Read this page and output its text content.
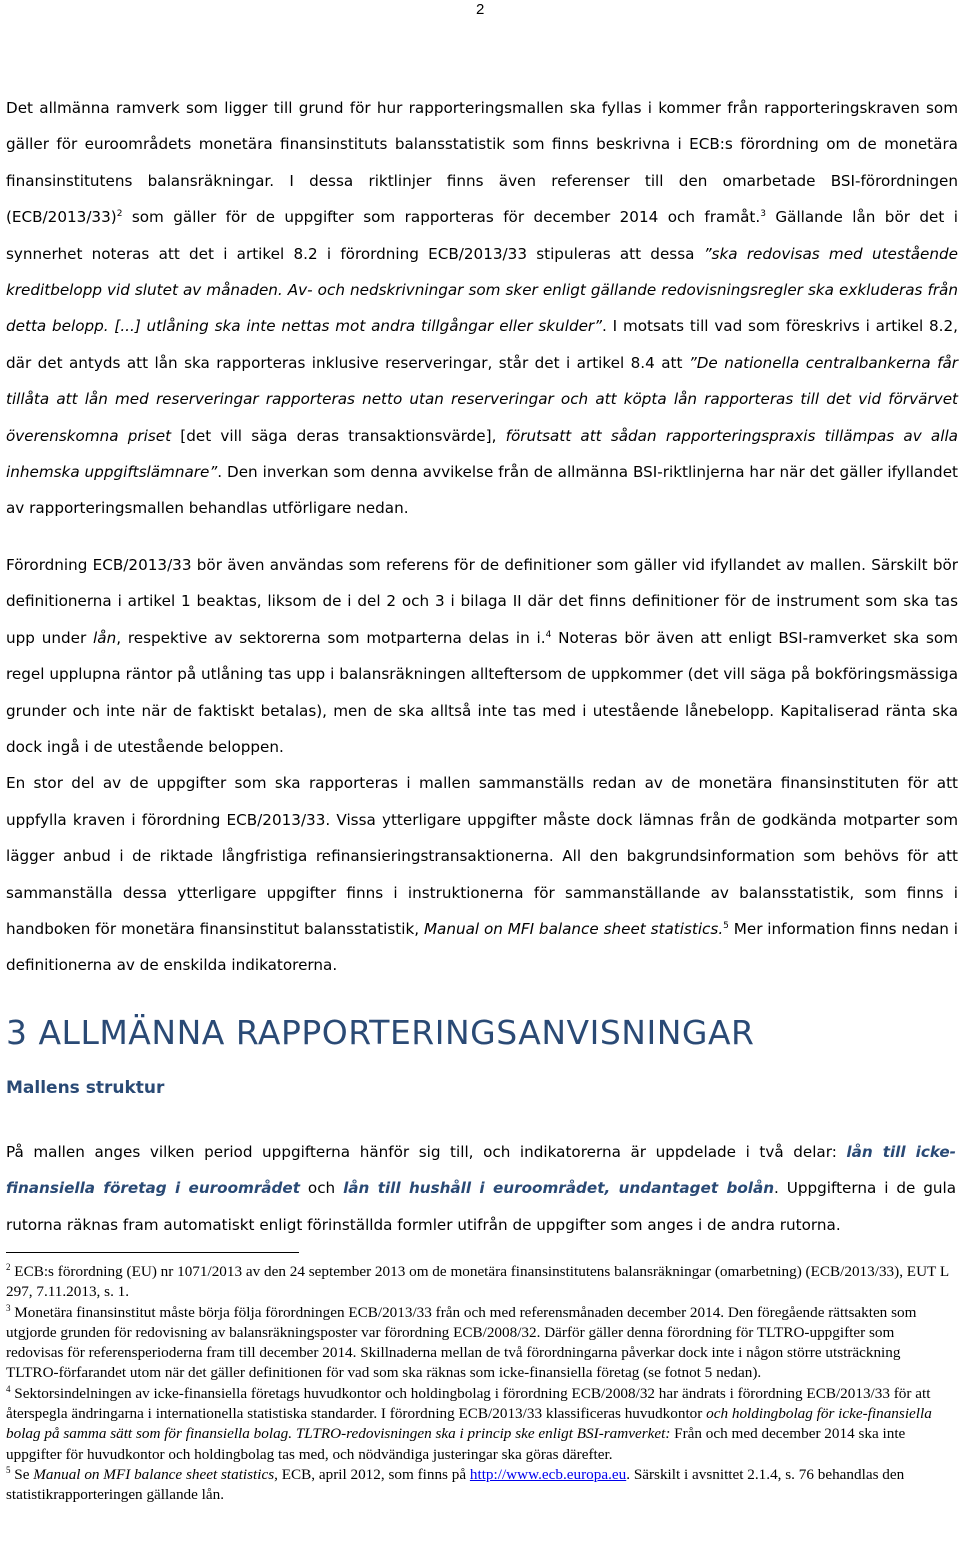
2

Det allmänna ramverk som ligger till grund för hur rapporteringsmallen ska fyllas i kommer från rapporteringskraven som gäller för euroområdets monetära finansinstituts balansstatistik som finns beskrivna i ECB:s förordning om de monetära finansinstitutens balansräkningar. I dessa riktlinjer finns även referenser till den omarbetade BSI-förordningen $(ECB/2013/33)^2$ som gäller för de uppgifter som rapporteras för december 2014 och framåt.$^3$ Gällande lån bör det i synnerhet noteras att det i artikel 8.2 i förordning ECB/2013/33 stipuleras att dessa ”ska redovisas med utestående kreditbelopp vid slutet av månaden. Av- och nedskrivningar som sker enligt gällande redovisningsregler ska exkluderas från detta belopp. [...] utlåning ska inte nettas mot andra tillgångar eller skulder”. I motsats till vad som föreskrivs i artikel 8.2, där det antyds att lån ska rapporteras inklusive reserveringar, står det i artikel 8.4 att ”De nationella centralbankerna får tillåta att lån med reserveringar rapporteras netto utan reserveringar och att köpta lån rapporteras till det vid förvärvet överenskomna priset [det vill säga deras transaktionsvärde], förutsatt att sådan rapporteringspraxis tillämpas av alla inhemska uppgiftslämnare”. Den inverkan som denna avvikelse från de allmänna BSI-riktlinjerna har när det gäller ifyllandet av rapporteringsmallen behandlas utförligare nedan.

Förordning ECB/2013/33 bör även användas som referens för de definitioner som gäller vid ifyllandet av mallen. Särskilt bör definitionerna i artikel 1 beaktas, liksom de i del 2 och 3 i bilaga II där det finns definitioner för de instrument som ska tas upp under lån, respektive av sektorerna som motparterna delas in i.$^4$ Noteras bör även att enligt BSI-ramverket ska som regel upplupna räntor på utlåning tas upp i balansräkningen allteftersom de uppkommer (det vill säga på bokföringsmässiga grunder och inte när de faktiskt betalas), men de ska alltså inte tas med i utestående lånebelopp. Kapitaliserad ränta ska dock ingå i de utestående beloppen.

En stor del av de uppgifter som ska rapporteras i mallen sammanställs redan av de monetära finansinstituten för att uppfylla kraven i förordning ECB/2013/33. Vissa ytterligare uppgifter måste dock lämnas från de godkända motparter som lägger anbud i de riktade långfristiga refinansieringstransaktionerna. All den bakgrundsinformation som behövs för att sammanställa dessa ytterligare uppgifter finns i instruktionerna för sammanställande av balansstatistik, som finns i handboken för monetära finansinstitut balansstatistik, Manual on MFI balance sheet statistics.$^5$ Mer information finns nedan i definitionerna av de enskilda indikatorerna.

3 ALLMÄNNA RAPPORTERINGSANVISNINGAR
Mallens struktur

På mallen anges vilken period uppgifterna hänför sig till, och indikatorerna är uppdelade i två delar: lån till icke-finansiella företag i euroområdet och lån till hushåll i euroområdet, undantaget bolån. Uppgifterna i de gula rutorna räknas fram automatiskt enligt förinställda formler utifrån de uppgifter som anges i de andra rutorna.

$^2$ ECB:s förordning (EU) nr 1071/2013 av den 24 september 2013 om de monetära finansinstitutens balansräkningar (omarbetning) (ECB/2013/33), EUT L 297, 7.11.2013, s. 1.

$^3$ Monetära finansinstitut måste börja följa förordningen ECB/2013/33 från och med referensmånaden december 2014. Den föregående rättsakten som utgjorde grunden för redovisning av balansräkningsposter var förordning ECB/2008/32. Därför gäller denna förordning för TLTRO-uppgifter som redovisas för referensperioderna fram till december 2014. Skillnaderna mellan de två förordningarna påverkar dock inte i någon större utsträckning TLTRO-förfarandet utom när det gäller definitionen för vad som ska räknas som icke-finansiella företag (se fotnot 5 nedan).

$^4$ Sektorsindelningen av icke-finansiella företags huvudkontor och holdingbolag i förordning ECB/2008/32 har ändrats i förordning ECB/2013/33 för att återspegla ändringarna i internationella statistiska standarder. I förordning ECB/2013/33 klassificeras huvudkontor och holdingbolag för icke-finansiella bolag på samma sätt som för finansiella bolag. TLTRO-redovisningen ska i princip ske enligt BSI-ramverket: Från och med december 2014 ska inte uppgifter för huvudkontor och holdingbolag tas med, och nödvändiga justeringar ska göras därefter.

$^5$ Se Manual on MFI balance sheet statistics, ECB, april 2012, som finns på http://www.ecb.europa.eu. Särskilt i avsnittet 2.1.4, s. 76 behandlas den statistikrapporteringen gällande lån.
